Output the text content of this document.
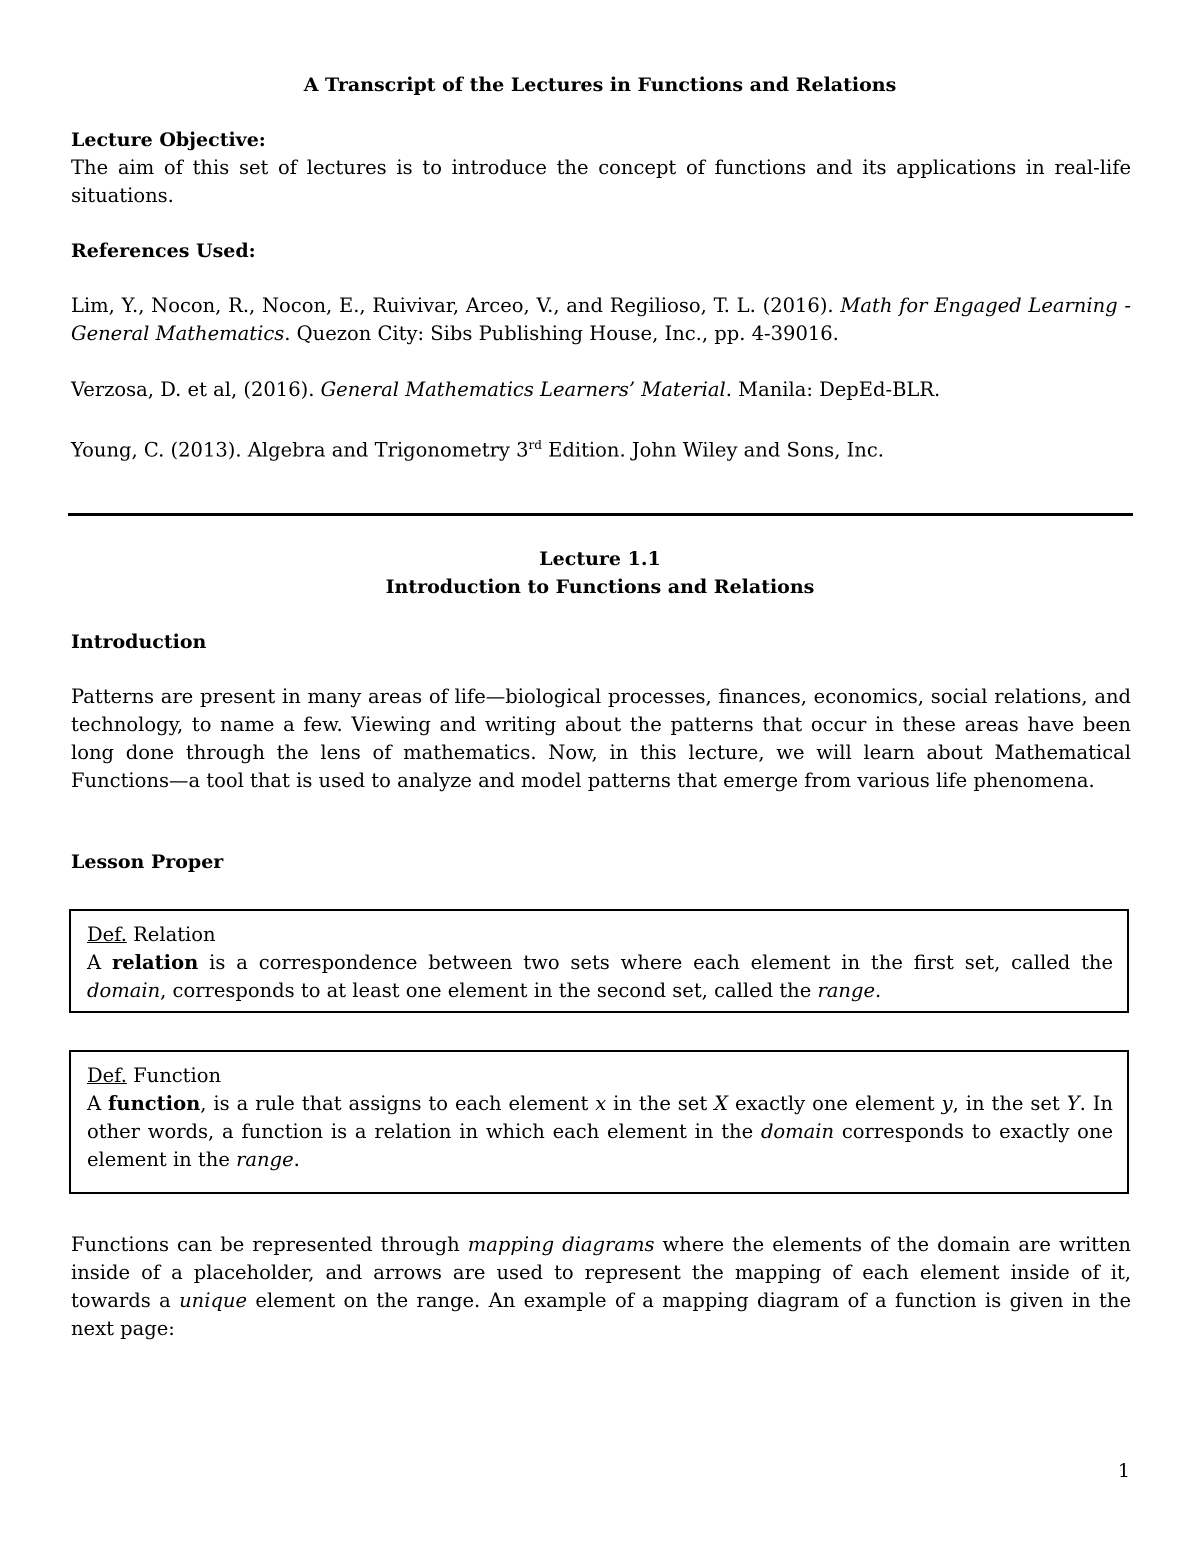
A Transcript of the Lectures in Functions and Relations
Lecture Objective:
The aim of this set of lectures is to introduce the concept of functions and its applications in real-life situations.
References Used:
Lim, Y., Nocon, R., Nocon, E., Ruivivar, Arceo, V., and Regilioso, T. L. (2016). Math for Engaged Learning - General Mathematics. Quezon City: Sibs Publishing House, Inc., pp. 4-39016.
Verzosa, D. et al, (2016). General Mathematics Learners’ Material. Manila: DepEd-BLR.
Young, C. (2013). Algebra and Trigonometry 3rd Edition. John Wiley and Sons, Inc.
Lecture 1.1
Introduction to Functions and Relations
Introduction
Patterns are present in many areas of life—biological processes, finances, economics, social relations, and technology, to name a few. Viewing and writing about the patterns that occur in these areas have been long done through the lens of mathematics. Now, in this lecture, we will learn about Mathematical Functions—a tool that is used to analyze and model patterns that emerge from various life phenomena.
Lesson Proper
Def. Relation
A relation is a correspondence between two sets where each element in the first set, called the domain, corresponds to at least one element in the second set, called the range.
Def. Function
A function, is a rule that assigns to each element x in the set X exactly one element y, in the set Y. In other words, a function is a relation in which each element in the domain corresponds to exactly one element in the range.
Functions can be represented through mapping diagrams where the elements of the domain are written inside of a placeholder, and arrows are used to represent the mapping of each element inside of it, towards a unique element on the range. An example of a mapping diagram of a function is given in the next page:
1
